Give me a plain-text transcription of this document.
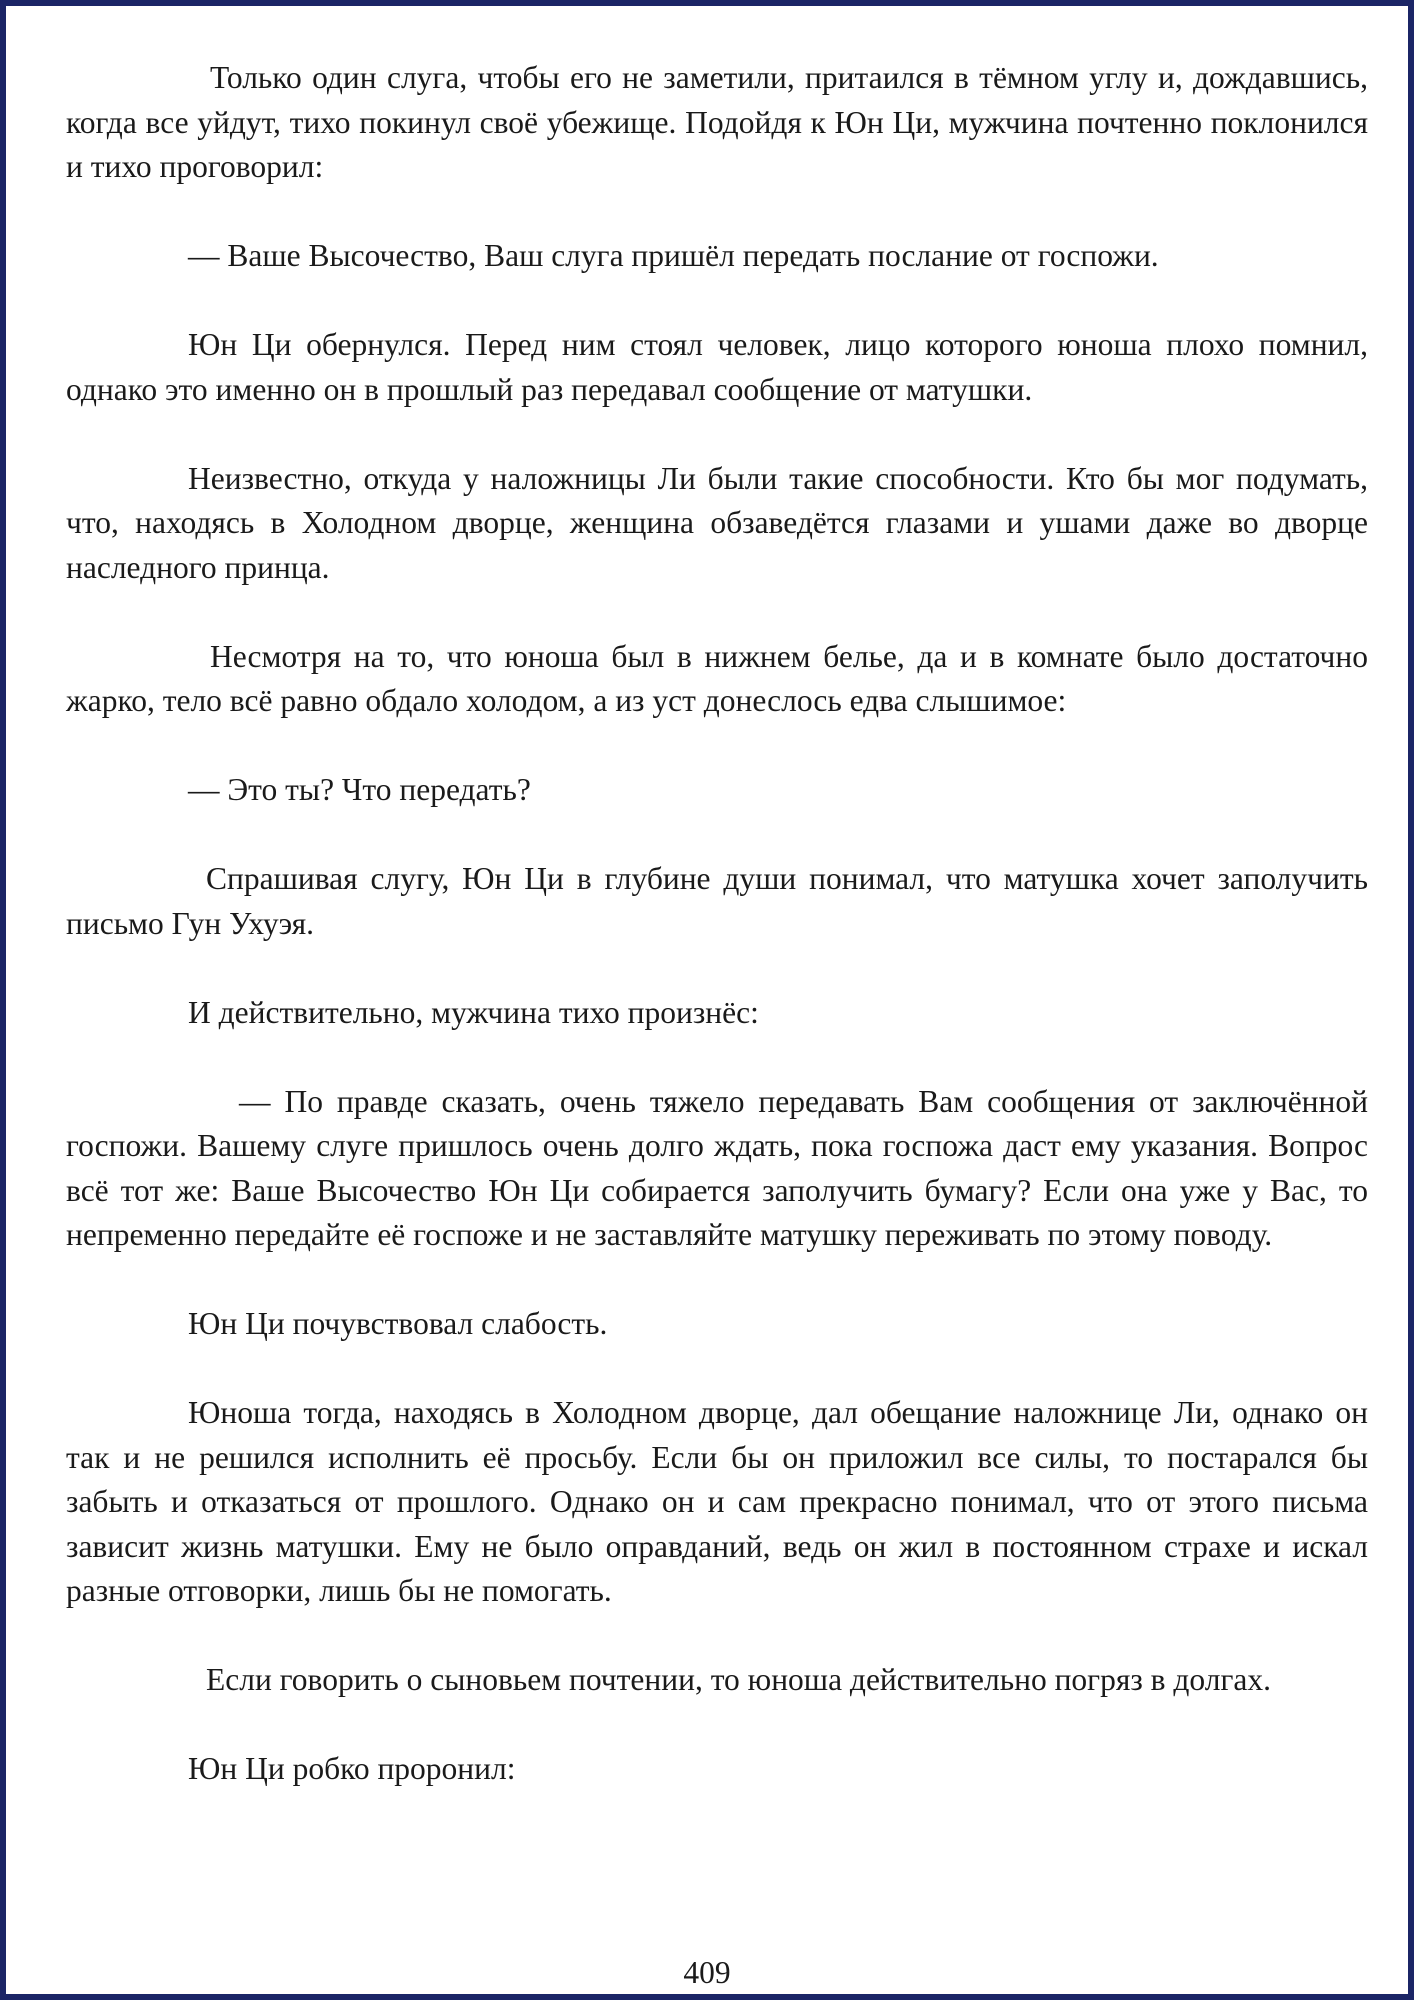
Только один слуга, чтобы его не заметили, притаился в тёмном углу и, дождавшись, когда все уйдут, тихо покинул своё убежище. Подойдя к Юн Ци, мужчина почтенно поклонился и тихо проговорил:

— Ваше Высочество, Ваш слуга пришёл передать послание от госпожи.

Юн Ци обернулся. Перед ним стоял человек, лицо которого юноша плохо помнил, однако это именно он в прошлый раз передавал сообщение от матушки.

Неизвестно, откуда у наложницы Ли были такие способности. Кто бы мог подумать, что, находясь в Холодном дворце, женщина обзаведётся глазами и ушами даже во дворце наследного принца.

Несмотря на то, что юноша был в нижнем белье, да и в комнате было достаточно жарко, тело всё равно обдало холодом, а из уст донеслось едва слышимое:

— Это ты? Что передать?

Спрашивая слугу, Юн Ци в глубине души понимал, что матушка хочет заполучить письмо Гун Ухуэя.

И действительно, мужчина тихо произнёс:

— По правде сказать, очень тяжело передавать Вам сообщения от заключённой госпожи. Вашему слуге пришлось очень долго ждать, пока госпожа даст ему указания. Вопрос всё тот же: Ваше Высочество Юн Ци собирается заполучить бумагу? Если она уже у Вас, то непременно передайте её госпоже и не заставляйте матушку переживать по этому поводу.

Юн Ци почувствовал слабость.

Юноша тогда, находясь в Холодном дворце, дал обещание наложнице Ли, однако он так и не решился исполнить её просьбу. Если бы он приложил все силы, то постарался бы забыть и отказаться от прошлого. Однако он и сам прекрасно понимал, что от этого письма зависит жизнь матушки. Ему не было оправданий, ведь он жил в постоянном страхе и искал разные отговорки, лишь бы не помогать.

Если говорить о сыновьем почтении, то юноша действительно погряз в долгах.

Юн Ци робко проронил:

409
